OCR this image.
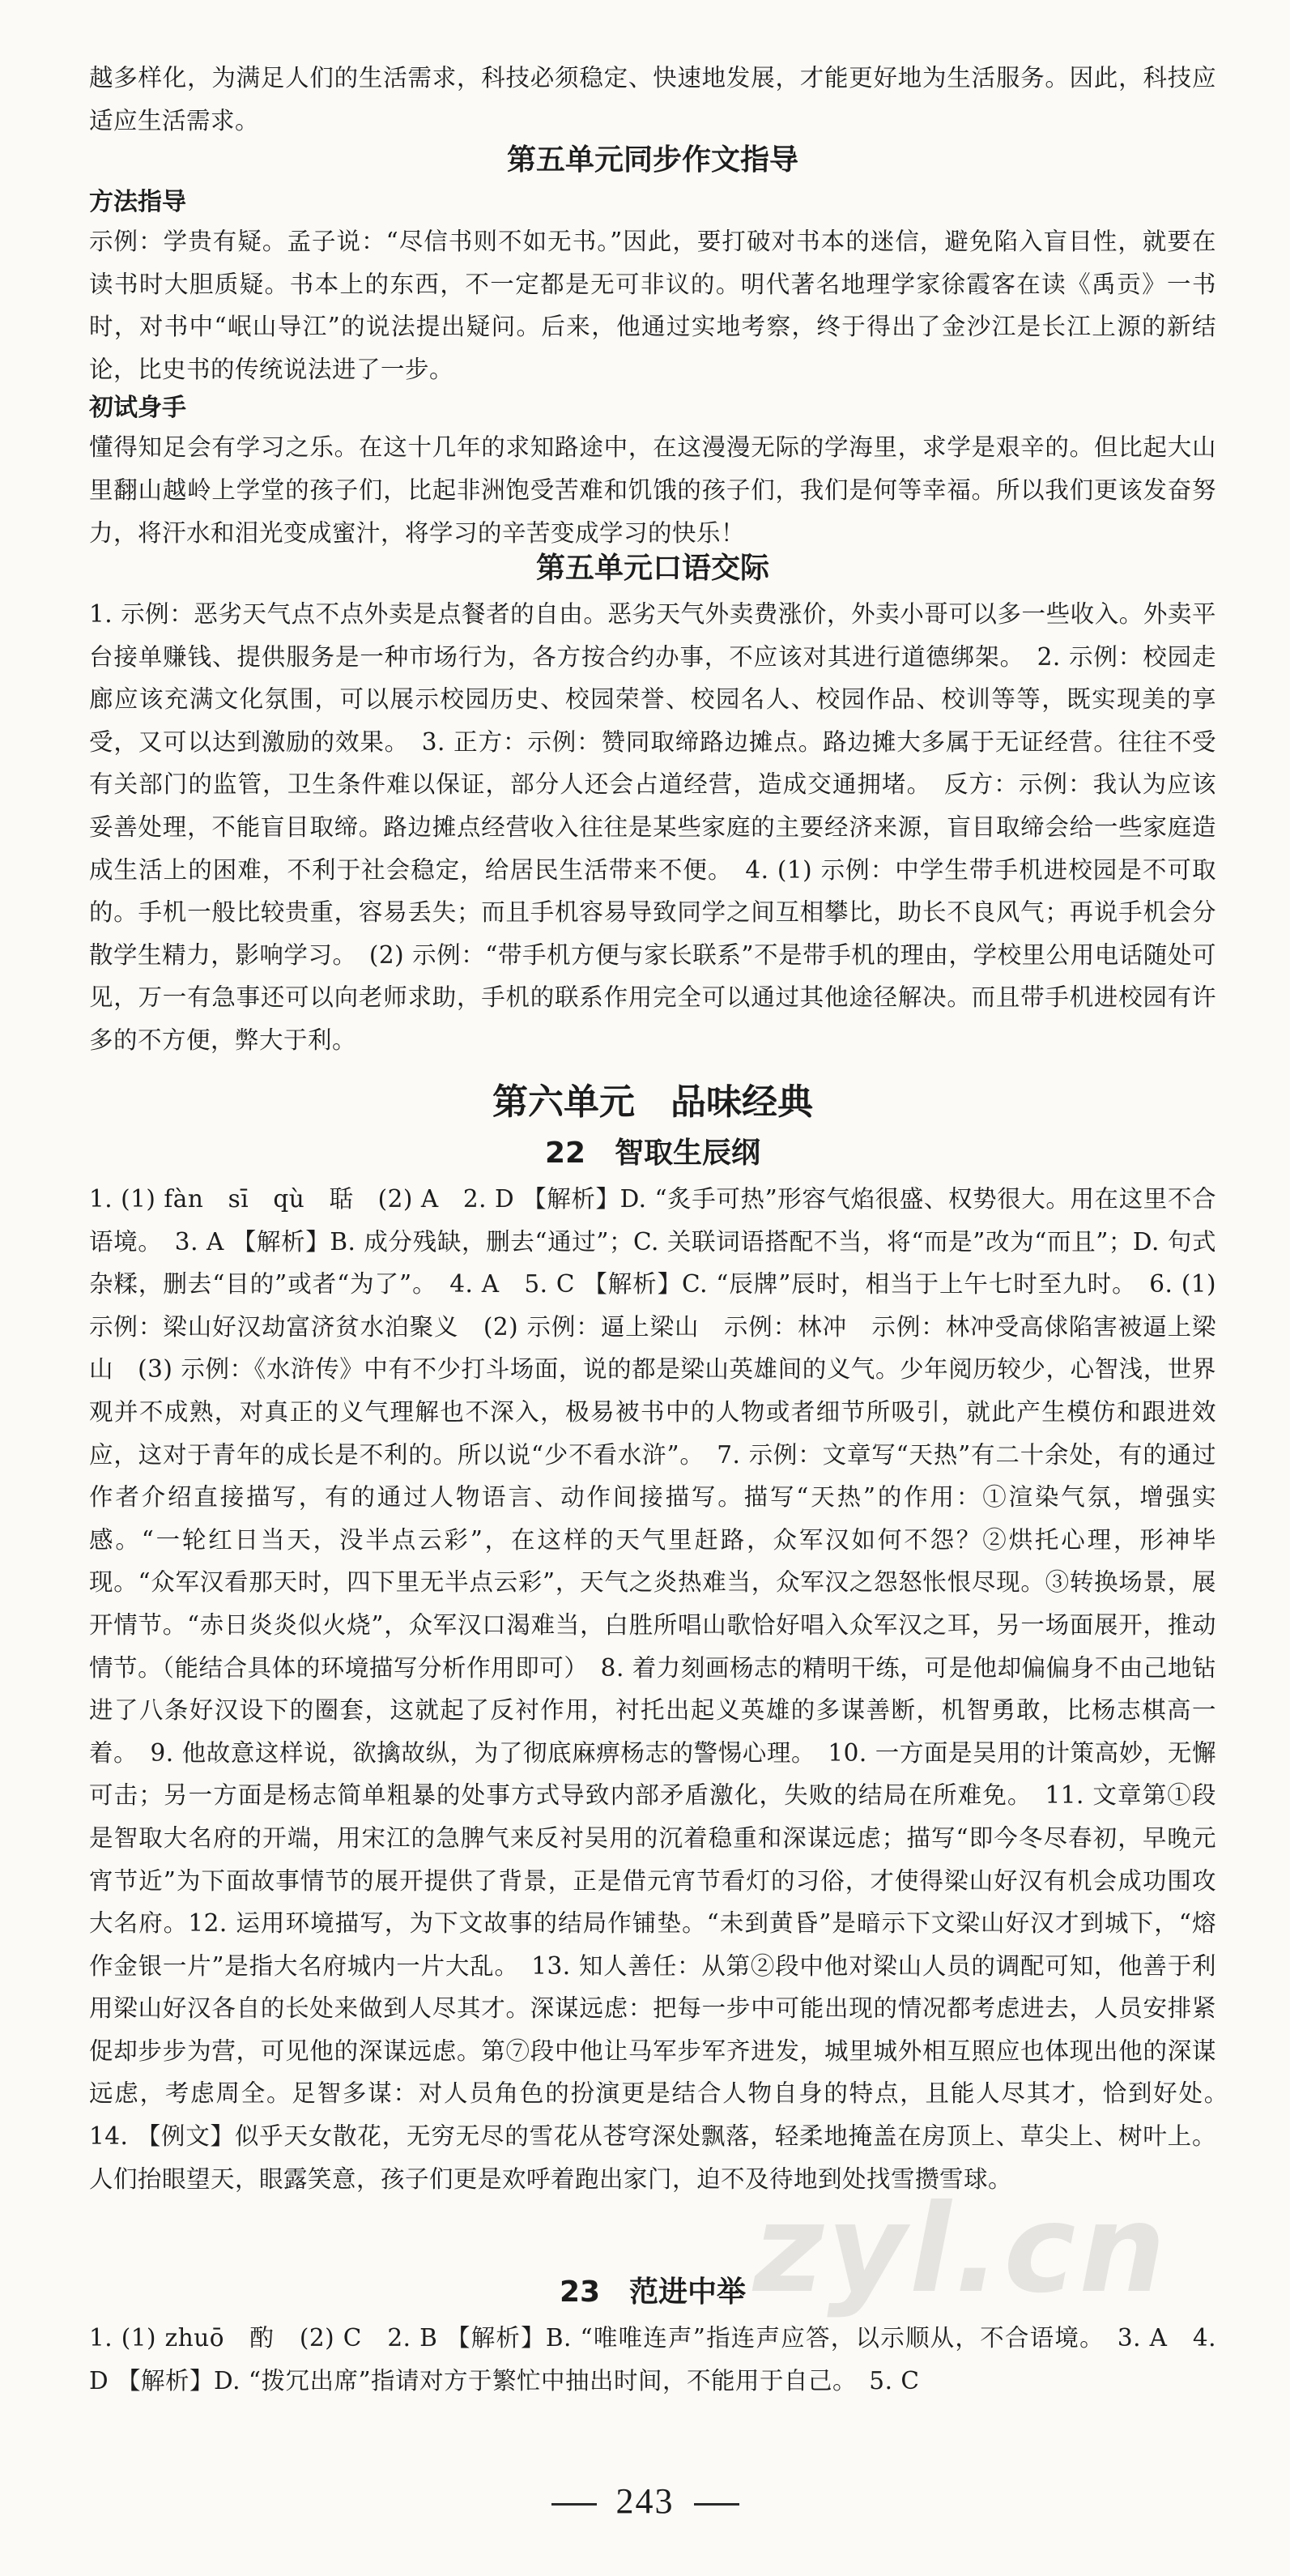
越多样化，为满足人们的生活需求，科技必须稳定、快速地发展，才能更好地为生活服务。因此，科技应适应生活需求。

第五单元同步作文指导
方法指导

示例：学贵有疑。孟子说：“尽信书则不如无书。”因此，要打破对书本的迷信，避免陷入盲目性，就要在读书时大胆质疑。书本上的东西，不一定都是无可非议的。明代著名地理学家徐霞客在读《禹贡》一书时，对书中“岷山导江”的说法提出疑问。后来，他通过实地考察，终于得出了金沙江是长江上源的新结论，比史书的传统说法进了一步。

初试身手

懂得知足会有学习之乐。在这十几年的求知路途中，在这漫漫无际的学海里，求学是艰辛的。但比起大山里翻山越岭上学堂的孩子们，比起非洲饱受苦难和饥饿的孩子们，我们是何等幸福。所以我们更该发奋努力，将汗水和泪光变成蜜汁，将学习的辛苦变成学习的快乐！

第五单元口语交际

1. 示例：恶劣天气点不点外卖是点餐者的自由。恶劣天气外卖费涨价，外卖小哥可以多一些收入。外卖平台接单赚钱、提供服务是一种市场行为，各方按合约办事，不应该对其进行道德绑架。　2. 示例：校园走廊应该充满文化氛围，可以展示校园历史、校园荣誉、校园名人、校园作品、校训等等，既实现美的享受，又可以达到激励的效果。　3. 正方：示例：赞同取缔路边摊点。路边摊大多属于无证经营。往往不受有关部门的监管，卫生条件难以保证，部分人还会占道经营，造成交通拥堵。　反方：示例：我认为应该妥善处理，不能盲目取缔。路边摊点经营收入往往是某些家庭的主要经济来源，盲目取缔会给一些家庭造成生活上的困难，不利于社会稳定，给居民生活带来不便。　4. (1) 示例：中学生带手机进校园是不可取的。手机一般比较贵重，容易丢失；而且手机容易导致同学之间互相攀比，助长不良风气；再说手机会分散学生精力，影响学习。　(2) 示例：“带手机方便与家长联系”不是带手机的理由，学校里公用电话随处可见，万一有急事还可以向老师求助，手机的联系作用完全可以通过其他途径解决。而且带手机进校园有许多的不方便，弊大于利。

第六单元 品味经典
22　智取生辰纲

1. (1) fàn　sī　qù　聒　(2) A　2. D 【解析】D. “炙手可热”形容气焰很盛、权势很大。用在这里不合语境。　3. A 【解析】B. 成分残缺，删去“通过”；C. 关联词语搭配不当，将“而是”改为“而且”；D. 句式杂糅，删去“目的”或者“为了”。　4. A　5. C 【解析】C. “辰牌”辰时，相当于上午七时至九时。　6. (1) 示例：梁山好汉劫富济贫水泊聚义　(2) 示例：逼上梁山　示例：林冲　示例：林冲受高俅陷害被逼上梁山　(3) 示例：《水浒传》中有不少打斗场面，说的都是梁山英雄间的义气。少年阅历较少，心智浅，世界观并不成熟，对真正的义气理解也不深入，极易被书中的人物或者细节所吸引，就此产生模仿和跟进效应，这对于青年的成长是不利的。所以说“少不看水浒”。　7. 示例：文章写“天热”有二十余处，有的通过作者介绍直接描写，有的通过人物语言、动作间接描写。描写“天热”的作用：①渲染气氛，增强实感。“一轮红日当天，没半点云彩”，在这样的天气里赶路，众军汉如何不怨？②烘托心理，形神毕现。“众军汉看那天时，四下里无半点云彩”，天气之炎热难当，众军汉之怨怒怅恨尽现。③转换场景，展开情节。“赤日炎炎似火烧”，众军汉口渴难当，白胜所唱山歌恰好唱入众军汉之耳，另一场面展开，推动情节。（能结合具体的环境描写分析作用即可）　8. 着力刻画杨志的精明干练，可是他却偏偏身不由己地钻进了八条好汉设下的圈套，这就起了反衬作用，衬托出起义英雄的多谋善断，机智勇敢，比杨志棋高一着。　9. 他故意这样说，欲擒故纵，为了彻底麻痹杨志的警惕心理。　10. 一方面是吴用的计策高妙，无懈可击；另一方面是杨志简单粗暴的处事方式导致内部矛盾激化，失败的结局在所难免。　11. 文章第①段是智取大名府的开端，用宋江的急脾气来反衬吴用的沉着稳重和深谋远虑；描写“即今冬尽春初，早晚元宵节近”为下面故事情节的展开提供了背景，正是借元宵节看灯的习俗，才使得梁山好汉有机会成功围攻大名府。12. 运用环境描写，为下文故事的结局作铺垫。“未到黄昏”是暗示下文梁山好汉才到城下，“熔作金银一片”是指大名府城内一片大乱。　13. 知人善任：从第②段中他对梁山人员的调配可知，他善于利用梁山好汉各自的长处来做到人尽其才。深谋远虑：把每一步中可能出现的情况都考虑进去，人员安排紧促却步步为营，可见他的深谋远虑。第⑦段中他让马军步军齐进发，城里城外相互照应也体现出他的深谋远虑，考虑周全。足智多谋：对人员角色的扮演更是结合人物自身的特点，且能人尽其才，恰到好处。　14. 【例文】似乎天女散花，无穷无尽的雪花从苍穹深处飘落，轻柔地掩盖在房顶上、草尖上、树叶上。人们抬眼望天，眼露笑意，孩子们更是欢呼着跑出家门，迫不及待地到处找雪攒雪球。

23　范进中举

1. (1) zhuō　酌　(2) C　2. B 【解析】B. “唯唯连声”指连声应答，以示顺从，不合语境。　3. A　4. D 【解析】D. “拨冗出席”指请对方于繁忙中抽出时间，不能用于自己。　5. C

243
zyl.cn
